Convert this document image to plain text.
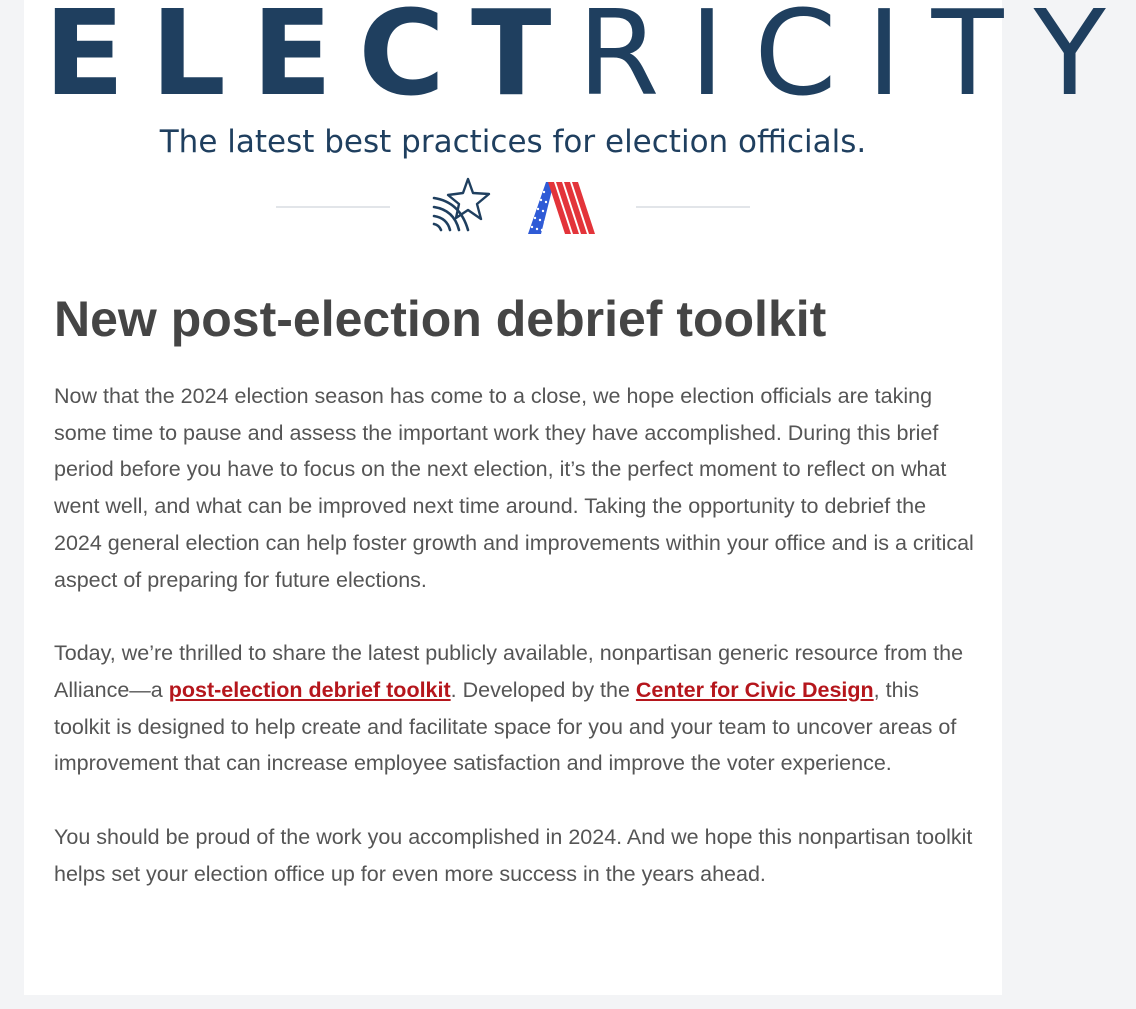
ELECTRICITY
The latest best practices for election officials.
New post-election debrief toolkit

Now that the 2024 election season has come to a close, we hope election officials are taking some time to pause and assess the important work they have accomplished. During this brief period before you have to focus on the next election, it’s the perfect moment to reflect on what went well, and what can be improved next time around. Taking the opportunity to debrief the 2024 general election can help foster growth and improvements within your office and is a critical aspect of preparing for future elections.

Today, we’re thrilled to share the latest publicly available, nonpartisan generic resource from the Alliance—a post-election debrief toolkit. Developed by the Center for Civic Design, this toolkit is designed to help create and facilitate space for you and your team to uncover areas of improvement that can increase employee satisfaction and improve the voter experience.

You should be proud of the work you accomplished in 2024. And we hope this nonpartisan toolkit helps set your election office up for even more success in the years ahead.
